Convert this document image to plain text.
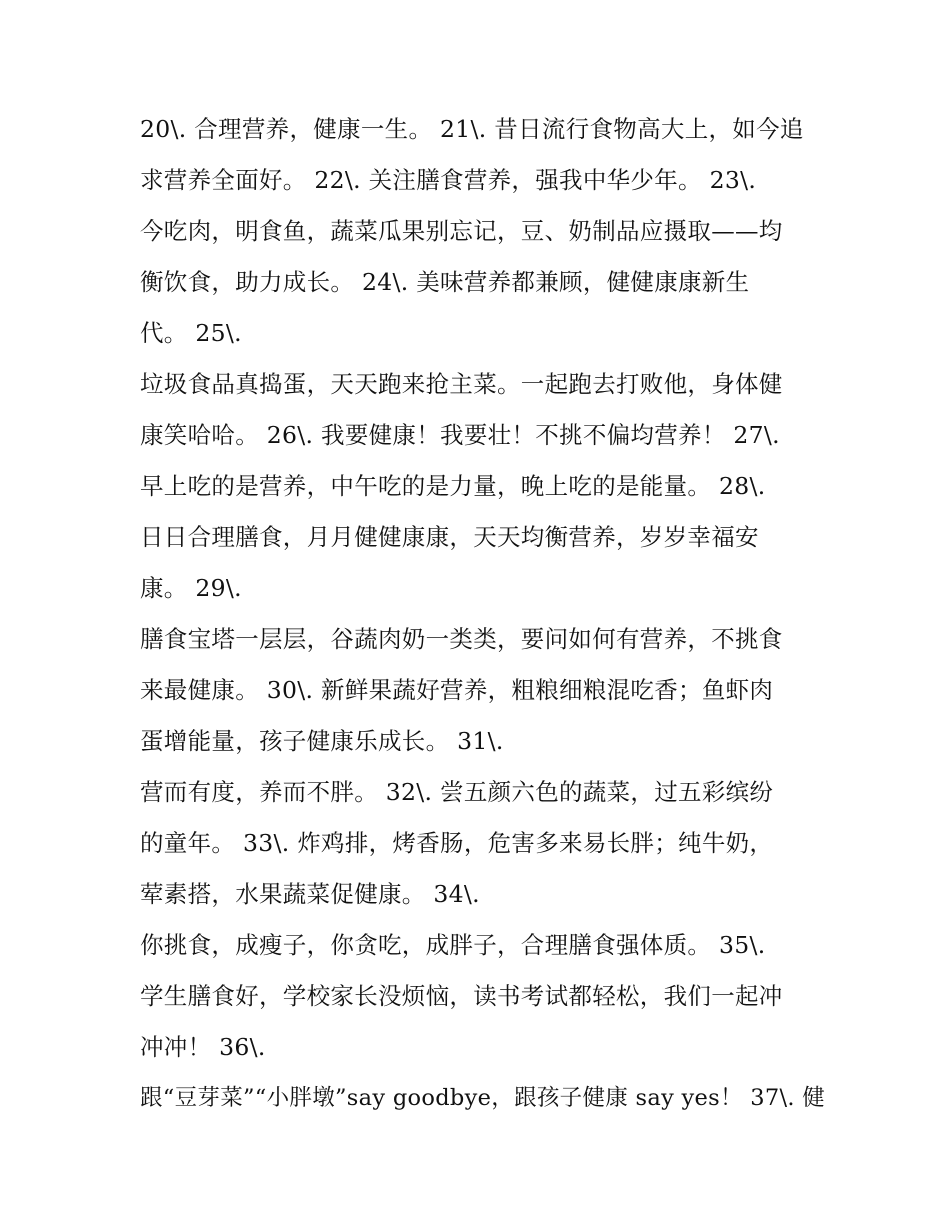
20\. 合理营养，健康一生。 21\. 昔日流行食物高大上，如今追
求营养全面好。 22\. 关注膳食营养，强我中华少年。 23\.
今吃肉，明食鱼，蔬菜瓜果别忘记，豆、奶制品应摄取——均
衡饮食，助力成长。 24\. 美味营养都兼顾，健健康康新生
代。 25\.
垃圾食品真捣蛋，天天跑来抢主菜。一起跑去打败他，身体健
康笑哈哈。 26\. 我要健康！我要壮！不挑不偏均营养！ 27\.
早上吃的是营养，中午吃的是力量，晚上吃的是能量。 28\.
日日合理膳食，月月健健康康，天天均衡营养，岁岁幸福安
康。 29\.
膳食宝塔一层层，谷蔬肉奶一类类，要问如何有营养，不挑食
来最健康。 30\. 新鲜果蔬好营养，粗粮细粮混吃香；鱼虾肉
蛋增能量，孩子健康乐成长。 31\.
营而有度，养而不胖。 32\. 尝五颜六色的蔬菜，过五彩缤纷
的童年。 33\. 炸鸡排，烤香肠，危害多来易长胖；纯牛奶，
荤素搭，水果蔬菜促健康。 34\.
你挑食，成瘦子，你贪吃，成胖子，合理膳食强体质。 35\.
学生膳食好，学校家长没烦恼，读书考试都轻松，我们一起冲
冲冲！ 36\.
跟“豆芽菜”“小胖墩”say goodbye，跟孩子健康 say yes！ 37\. 健
